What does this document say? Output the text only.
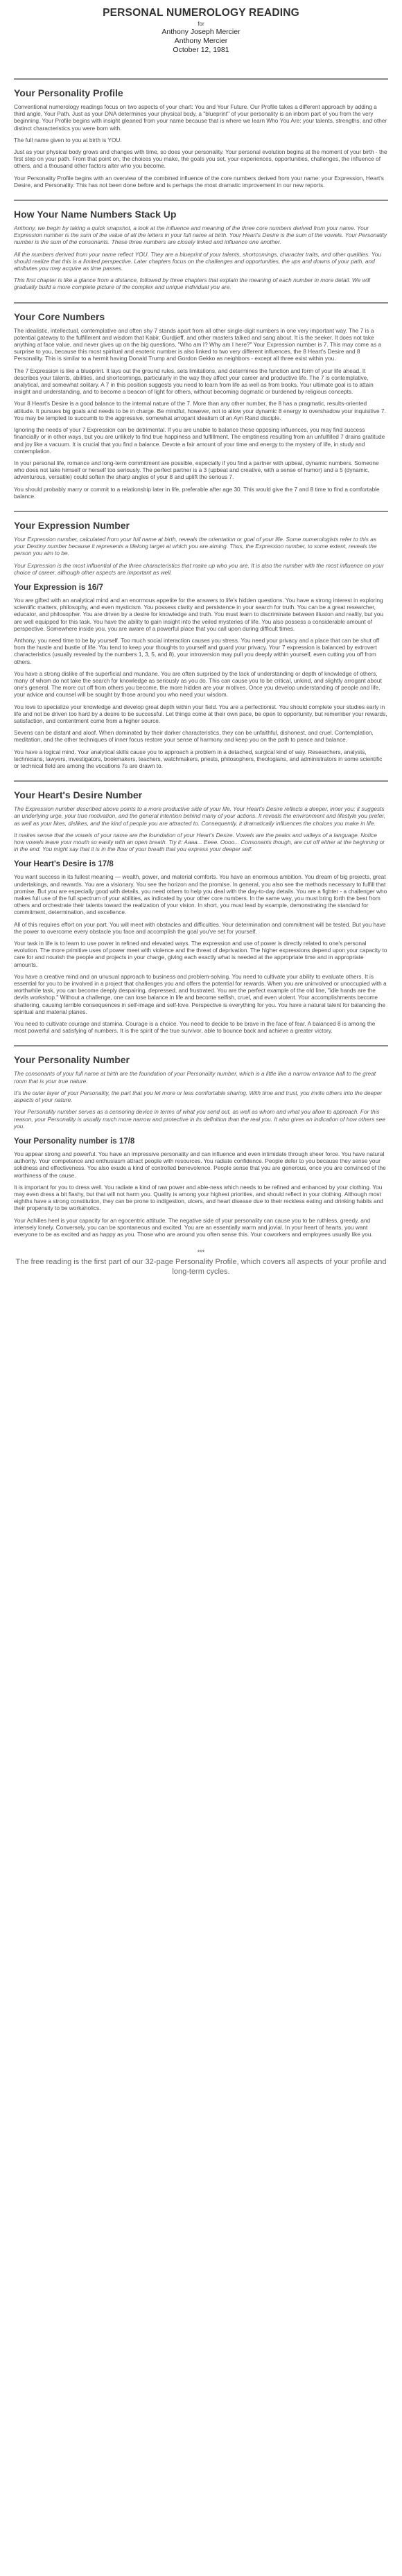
PERSONAL NUMEROLOGY READING
for
Anthony Joseph Mercier
Anthony Mercier
October 12, 1981
Your Personality Profile

Conventional numerology readings focus on two aspects of your chart: You and Your Future. Our Profile takes a different approach by adding a third angle, Your Path. Just as your DNA determines your physical body, a "blueprint" of your personality is an inborn part of you from the very beginning. Your Profile begins with insight gleaned from your name because that is where we learn Who You Are: your talents, strengths, and other distinct characteristics you were born with.

The full name given to you at birth is YOU.

Just as your physical body grows and changes with time, so does your personality. Your personal evolution begins at the moment of your birth - the first step on your path. From that point on, the choices you make, the goals you set, your experiences, opportunities, challenges, the influence of others, and a thousand other factors alter who you become.

Your Personality Profile begins with an overview of the combined influence of the core numbers derived from your name: your Expression, Heart's Desire, and Personality. This has not been done before and is perhaps the most dramatic improvement in our new reports.

How Your Name Numbers Stack Up

Anthony, we begin by taking a quick snapshot, a look at the influence and meaning of the three core numbers derived from your name. Your Expression number is the sum of the value of all the letters in your full name at birth. Your Heart's Desire is the sum of the vowels. Your Personality number is the sum of the consonants. These three numbers are closely linked and influence one another.

All the numbers derived from your name reflect YOU. They are a blueprint of your talents, shortcomings, character traits, and other qualities. You should realize that this is a limited perspective. Later chapters focus on the challenges and opportunities, the ups and downs of your path, and attributes you may acquire as time passes.

This first chapter is like a glance from a distance, followed by three chapters that explain the meaning of each number in more detail. We will gradually build a more complete picture of the complex and unique individual you are.

Your Core Numbers

The idealistic, intellectual, contemplative and often shy 7 stands apart from all other single-digit numbers in one very important way. The 7 is a potential gateway to the fulfillment and wisdom that Kabir, Gurdjieff, and other masters talked and sang about. It is the seeker. It does not take anything at face value, and never gives up on the big questions, "Who am I? Why am I here?" Your Expression number is 7. This may come as a surprise to you, because this most spiritual and esoteric number is also linked to two very different influences, the 8 Heart's Desire and 8 Personality. This is similar to a hermit having Donald Trump and Gordon Gekko as neighbors - except all three exist within you.

The 7 Expression is like a blueprint. It lays out the ground rules, sets limitations, and determines the function and form of your life ahead. It describes your talents, abilities, and shortcomings, particularly in the way they affect your career and productive life. The 7 is contemplative, analytical, and somewhat solitary. A 7 in this position suggests you need to learn from life as well as from books. Your ultimate goal is to attain insight and understanding, and to become a beacon of light for others, without becoming dogmatic or burdened by religious concepts.

Your 8 Heart's Desire is a good balance to the internal nature of the 7. More than any other number, the 8 has a pragmatic, results-oriented attitude. It pursues big goals and needs to be in charge. Be mindful, however, not to allow your dynamic 8 energy to overshadow your inquisitive 7. You may be tempted to succumb to the aggressive, somewhat arrogant idealism of an Ayn Rand disciple.

Ignoring the needs of your 7 Expression can be detrimental. If you are unable to balance these opposing influences, you may find success financially or in other ways, but you are unlikely to find true happiness and fulfillment. The emptiness resulting from an unfulfilled 7 drains gratitude and joy like a vacuum. It is crucial that you find a balance. Devote a fair amount of your time and energy to the mystery of life, in study and contemplation.

In your personal life, romance and long-term commitment are possible, especially if you find a partner with upbeat, dynamic numbers. Someone who does not take himself or herself too seriously. The perfect partner is a 3 (upbeat and creative, with a sense of humor) and a 5 (dynamic, adventurous, versatile) could soften the sharp angles of your 8 and uplift the serious 7.

You should probably marry or commit to a relationship later in life, preferable after age 30. This would give the 7 and 8 time to find a comfortable balance.

Your Expression Number

Your Expression number, calculated from your full name at birth, reveals the orientation or goal of your life. Some numerologists refer to this as your Destiny number because it represents a lifelong target at which you are aiming. Thus, the Expression number, to some extent, reveals the person you aim to be.

Your Expression is the most influential of the three characteristics that make up who you are. It is also the number with the most influence on your choice of career, although other aspects are important as well.

Your Expression is 16/7

You are gifted with an analytical mind and an enormous appetite for the answers to life's hidden questions. You have a strong interest in exploring scientific matters, philosophy, and even mysticism. You possess clarity and persistence in your search for truth. You can be a great researcher, educator, and philosopher. You are driven by a desire for knowledge and truth. You must learn to discriminate between illusion and reality, but you are well equipped for this task. You have the ability to gain insight into the veiled mysteries of life. You also possess a considerable amount of perspective. Somewhere inside you, you are aware of a powerful place that you call upon during difficult times.

Anthony, you need time to be by yourself. Too much social interaction causes you stress. You need your privacy and a place that can be shut off from the hustle and bustle of life. You tend to keep your thoughts to yourself and guard your privacy. Your 7 expression is balanced by extrovert characteristics (usually revealed by the numbers 1, 3, 5, and 8), your introversion may pull you deeply within yourself, even cutting you off from others.

You have a strong dislike of the superficial and mundane. You are often surprised by the lack of understanding or depth of knowledge of others, many of whom do not take the search for knowledge as seriously as you do. This can cause you to be critical, unkind, and slightly arrogant about one's general. The more cut off from others you become, the more hidden are your motives. Once you develop understanding of people and life, your advice and counsel will be sought by those around you who need your wisdom.

You love to specialize your knowledge and develop great depth within your field. You are a perfectionist. You should complete your studies early in life and not be driven too hard by a desire to be successful. Let things come at their own pace, be open to opportunity, but remember your rewards, satisfaction, and contentment come from a higher source.

Sevens can be distant and aloof. When dominated by their darker characteristics, they can be unfaithful, dishonest, and cruel. Contemplation, meditation, and the other techniques of inner focus restore your sense of harmony and keep you on the path to peace and balance.

You have a logical mind. Your analytical skills cause you to approach a problem in a detached, surgical kind of way. Researchers, analysts, technicians, lawyers, investigators, bookmakers, teachers, watchmakers, priests, philosophers, theologians, and administrators in some scientific or technical field are among the vocations 7s are drawn to.

Your Heart's Desire Number

The Expression number described above points to a more productive side of your life. Your Heart's Desire reflects a deeper, inner you; it suggests an underlying urge, your true motivation, and the general intention behind many of your actions. It reveals the environment and lifestyle you prefer, as well as your likes, dislikes, and the kind of people you are attracted to. Consequently, it dramatically influences the choices you make in life.

It makes sense that the vowels of your name are the foundation of your Heart's Desire. Vowels are the peaks and valleys of a language. Notice how vowels leave your mouth so easily with an open breath. Try it: Aaaa... Eeee. Oooo... Consonants though, are cut off either at the beginning or in the end. You might say that it is in the flow of your breath that you express your deeper self.

Your Heart's Desire is 17/8

You want success in its fullest meaning — wealth, power, and material comforts. You have an enormous ambition. You dream of big projects, great undertakings, and rewards. You are a visionary. You see the horizon and the promise. In general, you also see the methods necessary to fulfill that promise. But you are especially good with details, you need others to help you deal with the day-to-day details. You are a fighter - a challenger who makes full use of the full spectrum of your abilities, as indicated by your other core numbers. In the same way, you must bring forth the best from others and orchestrate their talents toward the realization of your vision. In short, you must lead by example, demonstrating the standard for commitment, determination, and excellence.

All of this requires effort on your part. You will meet with obstacles and difficulties. Your determination and commitment will be tested. But you have the power to overcome every obstacle you face and accomplish the goal you've set for yourself.

Your task in life is to learn to use power in refined and elevated ways. The expression and use of power is directly related to one's personal evolution. The more primitive uses of power meet with violence and the threat of deprivation. The higher expressions depend upon your capacity to care for and nourish the people and projects in your charge, giving each exactly what is needed at the appropriate time and in appropriate amounts.

You have a creative mind and an unusual approach to business and problem-solving. You need to cultivate your ability to evaluate others. It is essential for you to be involved in a project that challenges you and offers the potential for rewards. When you are uninvolved or unoccupied with a worthwhile task, you can become deeply despairing, depressed, and frustrated. You are the perfect example of the old line, "idle hands are the devils workshop." Without a challenge, one can lose balance in life and become selfish, cruel, and even violent. Your accomplishments become shattering, causing terrible consequences in self-image and self-love. Perspective is everything for you. You have a natural talent for balancing the spiritual and material planes.

You need to cultivate courage and stamina. Courage is a choice. You need to decide to be brave in the face of fear. A balanced 8 is among the most powerful and satisfying of numbers. It is the spirit of the true survivor, able to bounce back and achieve a greater victory.

Your Personality Number

The consonants of your full name at birth are the foundation of your Personality number, which is a little like a narrow entrance hall to the great room that is your true nature.

It's the outer layer of your Personality, the part that you let more or less comfortable sharing. With time and trust, you invite others into the deeper aspects of your nature.

Your Personality number serves as a censoring device in terms of what you send out, as well as whom and what you allow to approach. For this reason, your Personality is usually much more narrow and protective in its definition than the real you. It also gives an indication of how others see you.

Your Personality number is 17/8

You appear strong and powerful. You have an impressive personality and can influence and even intimidate through sheer force. You have natural authority. Your competence and enthusiasm attract people with resources. You radiate confidence. People defer to you because they sense your solidness and effectiveness. You also exude a kind of controlled benevolence. People sense that you are generous, once you are convinced of the worthiness of the cause.

It is important for you to dress well. You radiate a kind of raw power and able-ness which needs to be refined and enhanced by your clothing. You may even dress a bit flashy, but that will not harm you. Quality is among your highest priorities, and should reflect in your clothing. Although most eighths have a strong constitution, they can be prone to indigestion, ulcers, and heart disease due to their reckless eating and drinking habits and their propensity to be workaholics.

Your Achilles heel is your capacity for an egocentric attitude. The negative side of your personality can cause you to be ruthless, greedy, and intensely lonely. Conversely, you can be spontaneous and excited. You are an essentially warm and jovial. In your heart of hearts, you want everyone to be as excited and as happy as you. Those who are around you often sense this. Your coworkers and employees usually like you.

***
The free reading is the first part of our 32-page Personality Profile, which covers all aspects of your profile and long-term cycles.
